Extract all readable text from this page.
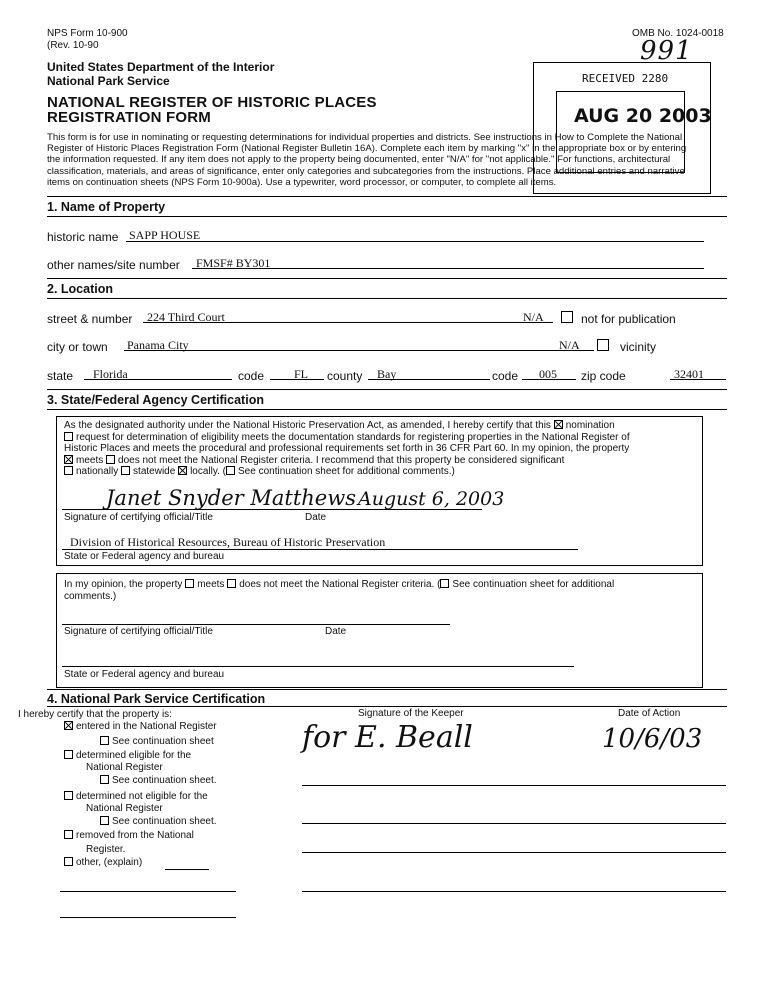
NPS Form 10-900
(Rev. 10-90
OMB No. 1024-0018
991
United States Department of the Interior
National Park Service
NATIONAL REGISTER OF HISTORIC PLACES
REGISTRATION FORM
RECEIVED 2280
AUG 20 2003
This form is for use in nominating or requesting determinations for individual properties and districts. See instructions in How to Complete the National
Register of Historic Places Registration Form (National Register Bulletin 16A). Complete each item by marking "x" in the appropriate box or by entering
the information requested. If any item does not apply to the property being documented, enter "N/A" for "not applicable." For functions, architectural
classification, materials, and areas of significance, enter only categories and subcategories from the instructions. Place additional entries and narrative
items on continuation sheets (NPS Form 10-900a). Use a typewriter, word processor, or computer, to complete all items.
1. Name of Property
historic name SAPP HOUSE
other names/site number FMSF# BY301
2. Location
street & number 224 Third Court	N/A	not for publication
city or town Panama City	N/A	vicinity
state Florida	code FL county Bay	code 005 zip code	32401
3. State/Federal Agency Certification
As the designated authority under the National Historic Preservation Act, as amended, I hereby certify that this nomination
request for determination of eligibility meets the documentation standards for registering properties in the National Register of
Historic Places and meets the procedural and professional requirements set forth in 36 CFR Part 60. In my opinion, the property
meets does not meet the National Register criteria. I recommend that this property be considered significant
nationally statewide locally. ( See continuation sheet for additional comments.)
Janet Snyder Matthews August 6, 2003
Signature of certifying official/Title	Date
Division of Historical Resources, Bureau of Historic Preservation
State or Federal agency and bureau
In my opinion, the property meets does not meet the National Register criteria. ( See continuation sheet for additional
comments.)
Signature of certifying official/Title	Date
State or Federal agency and bureau
4. National Park Service Certification
I hereby certify that the property is:
entered in the National Register
See continuation sheet
determined eligible for the
National Register
See continuation sheet.
determined not eligible for the
National Register
See continuation sheet.
removed from the National
Register.
other, (explain)
Signature of the Keeper	Date of Action
for E. Beall	10/6/03
